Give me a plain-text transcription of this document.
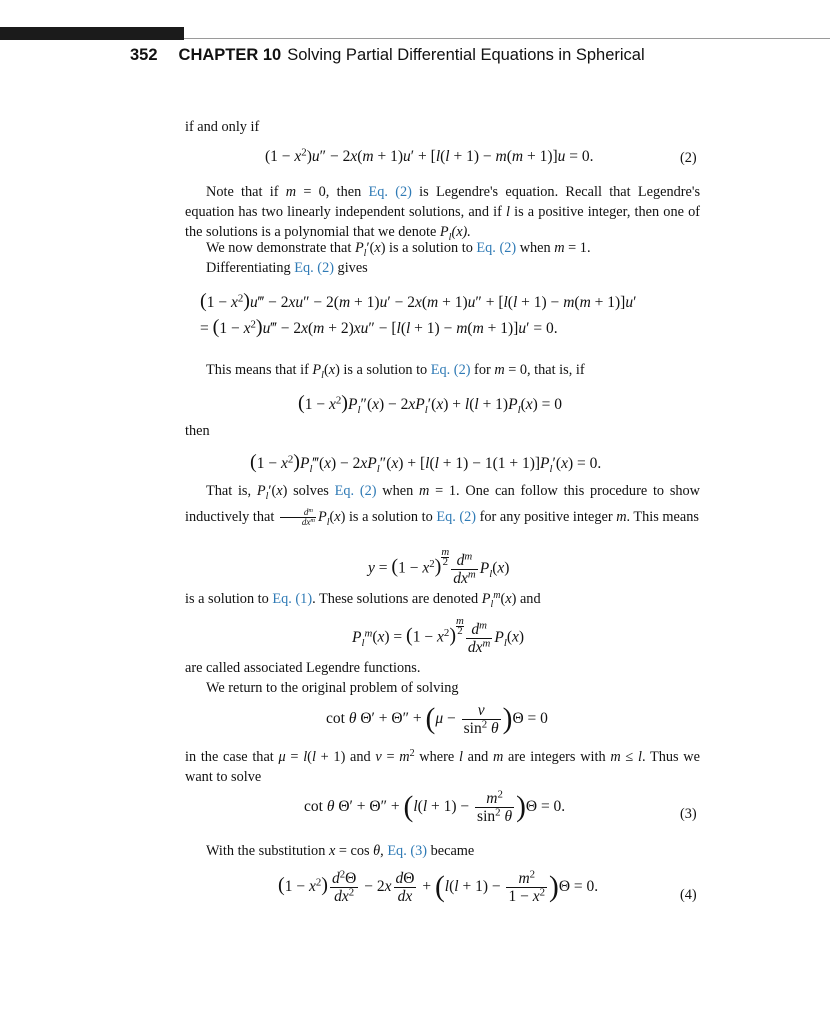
352 CHAPTER 10 Solving Partial Differential Equations in Spherical
if and only if
$(1 - x^2)u'' - 2x(m + 1)u' + [l(l + 1) - m(m + 1)]u = 0$.	(2)
Note that if m = 0, then Eq. (2) is Legendre's equation. Recall that Legendre's equation has two linearly independent solutions, and if l is a positive integer, then one of the solutions is a polynomial that we denote $P_l(x)$.
We now demonstrate that $P_l'(x)$ is a solution to Eq. (2) when m = 1.
Differentiating Eq. (2) gives
$(1 - x^2)u‴ - 2xu'' - 2(m + 1)u' - 2x(m + 1)u'' + [l(l + 1) - m(m + 1)]u'$
= $(1 - x^2)u‴ - 2x(m + 2)xu'' - [l(l + 1) - m(m + 1)]u' = 0$.
This means that if $P_l(x)$ is a solution to Eq. (2) for m = 0, that is, if
$(1 - x^2)P_l''(x) - 2xP_l'(x) + l(l + 1)P_l(x) = 0$
then
$(1 - x^2)P_l‴(x) - 2xP_l''(x) + [l(l + 1) - 1(1 + 1)]P_l'(x) = 0$.
That is, $P_l'(x)$ solves Eq. (2) when m = 1. One can follow this procedure to show inductively that $\frac{d^m}{dx^m} P_l(x)$ is a solution to Eq. (2) for any positive integer m. This means
$y = (1 - x^2) \frac{m}{2} \frac{d^m}{dx^m} P_l(x)$
is a solution to Eq. (1). These solutions are denoted $P_l^m(x)$ and
$P_l^m(x) = (1 - x^2) \frac{m}{2} \frac{d^m}{dx^m} P_l(x)$
are called associated Legendre functions.
We return to the original problem of solving
cot θ $\Theta' + \Theta'' + (\mu - \frac{\nu}{\sin^2 \theta} )\Theta = 0$
in the case that μ = l(l + 1) and $\nu = m^2$ where l and m are integers with m ≤ l. Thus we want to solve
cot θ $\Theta' + \Theta'' + (l(l + 1) - \frac{m^2}{\sin^2 \theta} )\Theta = 0$.	(3)
With the substitution x = cos θ, Eq. (3) became
$(1 - x^2) \frac{d^2\Theta}{dx^2} - 2x \frac{d\Theta}{dx} + (l(l + 1) - \frac{m^2}{1 - x^2} )\Theta = 0$.	(4)
